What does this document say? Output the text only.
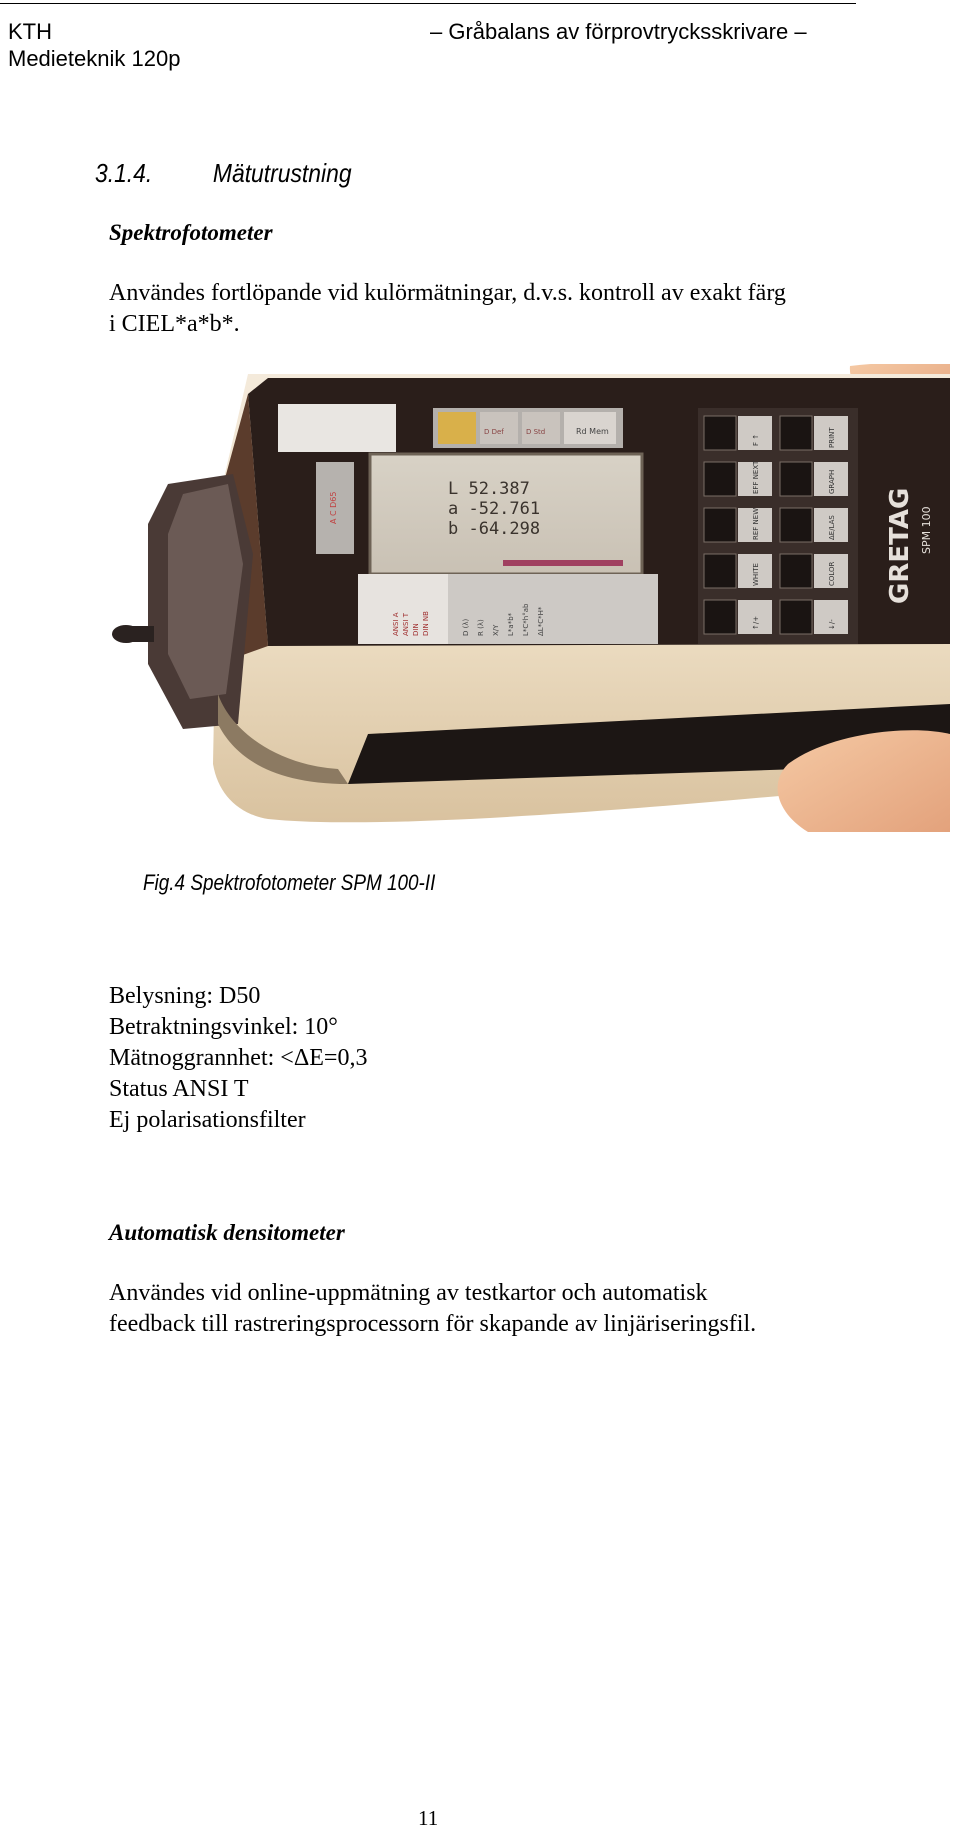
KTH
Medieteknik 120p
– Gråbalans av förprovtrycksskrivare –
3.1.4. Mätutrustning
Spektrofotometer
Användes fortlöpande vid kulörmätningar, d.v.s. kontroll av exakt färg
i CIEL*a*b*.
A C D65
L 52.387
a -52.761
b -64.298
Rd Mem
D Std
D Def
ANSI A ANSI T DIN DIN NB	D (λ) R (λ) X/Y L*a*b* L*C*h°ab ΔL*C*H*
F ↑	PRINT
EFF NEXT	GRAPH
REF NEW	ΔE/LAS
WHITE	COLOR
↑/+	↓/-
GRETAG SPM 100
Fig.4 Spektrofotometer SPM 100-II
Belysning: D50
Betraktningsvinkel: 10°
Mätnoggrannhet: <ΔE=0,3
Status ANSI T
Ej polarisationsfilter
Automatisk densitometer
Användes vid online-uppmätning av testkartor och automatisk
feedback till rastreringsprocessorn för skapande av linjäriseringsfil.
11
